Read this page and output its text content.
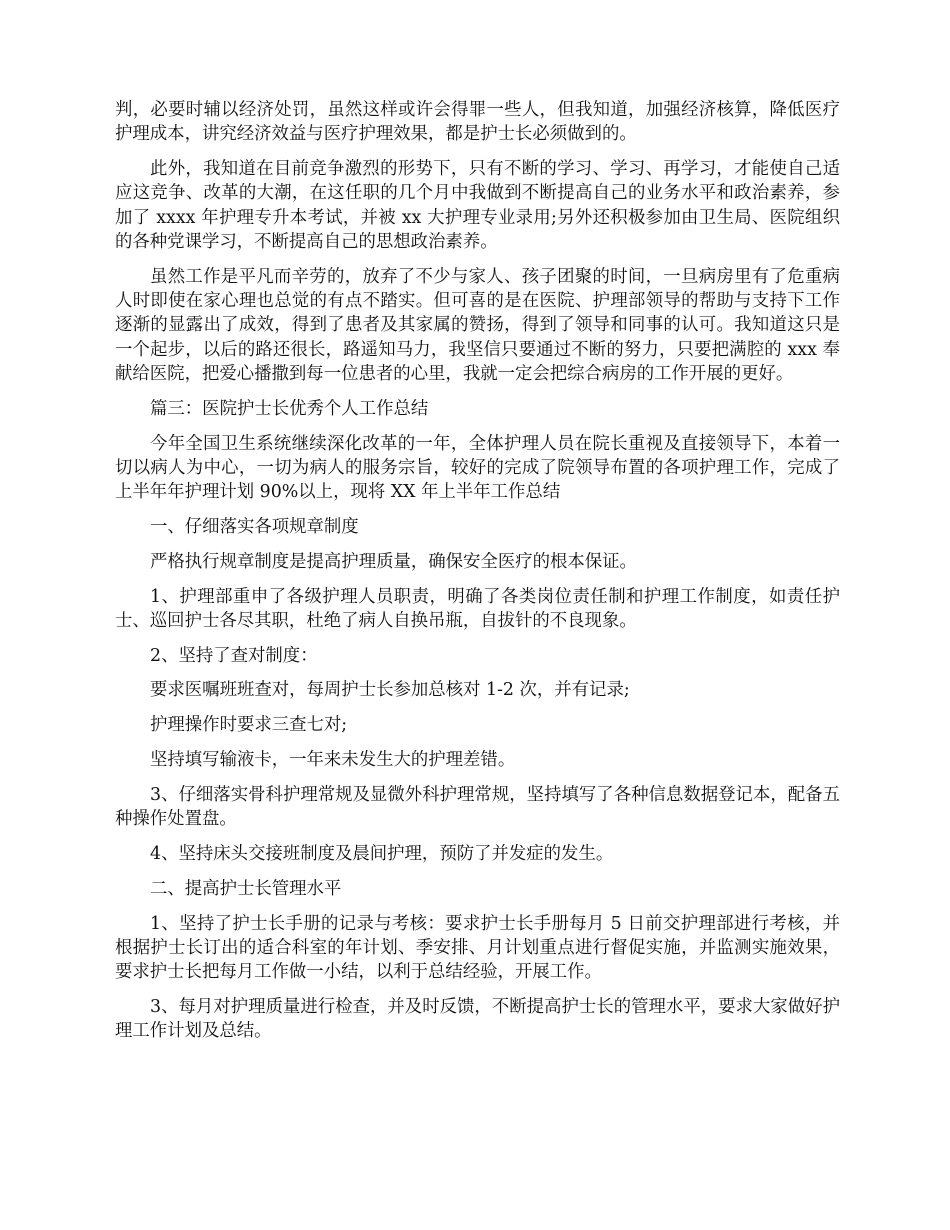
判，必要时辅以经济处罚，虽然这样或许会得罪一些人，但我知道，加强经济核算，降低医疗护理成本，讲究经济效益与医疗护理效果，都是护士长必须做到的。

此外，我知道在目前竞争激烈的形势下，只有不断的学习、学习、再学习，才能使自己适应这竞争、改革的大潮，在这任职的几个月中我做到不断提高自己的业务水平和政治素养，参加了 xxxx 年护理专升本考试，并被 xx 大护理专业录用;另外还积极参加由卫生局、医院组织的各种党课学习，不断提高自己的思想政治素养。

虽然工作是平凡而辛劳的，放弃了不少与家人、孩子团聚的时间，一旦病房里有了危重病人时即使在家心理也总觉的有点不踏实。但可喜的是在医院、护理部领导的帮助与支持下工作逐渐的显露出了成效，得到了患者及其家属的赞扬，得到了领导和同事的认可。我知道这只是一个起步，以后的路还很长，路遥知马力，我坚信只要通过不断的努力，只要把满腔的 xxx 奉献给医院，把爱心播撒到每一位患者的心里，我就一定会把综合病房的工作开展的更好。

篇三：医院护士长优秀个人工作总结

今年全国卫生系统继续深化改革的一年，全体护理人员在院长重视及直接领导下，本着一切以病人为中心，一切为病人的服务宗旨，较好的完成了院领导布置的各项护理工作，完成了上半年年护理计划 90%以上，现将 XX 年上半年工作总结

一、仔细落实各项规章制度

严格执行规章制度是提高护理质量，确保安全医疗的根本保证。

1、护理部重申了各级护理人员职责，明确了各类岗位责任制和护理工作制度，如责任护士、巡回护士各尽其职，杜绝了病人自换吊瓶，自拔针的不良现象。

2、坚持了查对制度：

要求医嘱班班查对，每周护士长参加总核对 1-2 次，并有记录;

护理操作时要求三查七对;

坚持填写输液卡，一年来未发生大的护理差错。

3、仔细落实骨科护理常规及显微外科护理常规，坚持填写了各种信息数据登记本，配备五种操作处置盘。

4、坚持床头交接班制度及晨间护理，预防了并发症的发生。

二、提高护士长管理水平

1、坚持了护士长手册的记录与考核：要求护士长手册每月 5 日前交护理部进行考核，并根据护士长订出的适合科室的年计划、季安排、月计划重点进行督促实施，并监测实施效果，要求护士长把每月工作做一小结，以利于总结经验，开展工作。

3、每月对护理质量进行检查，并及时反馈，不断提高护士长的管理水平，要求大家做好护理工作计划及总结。
